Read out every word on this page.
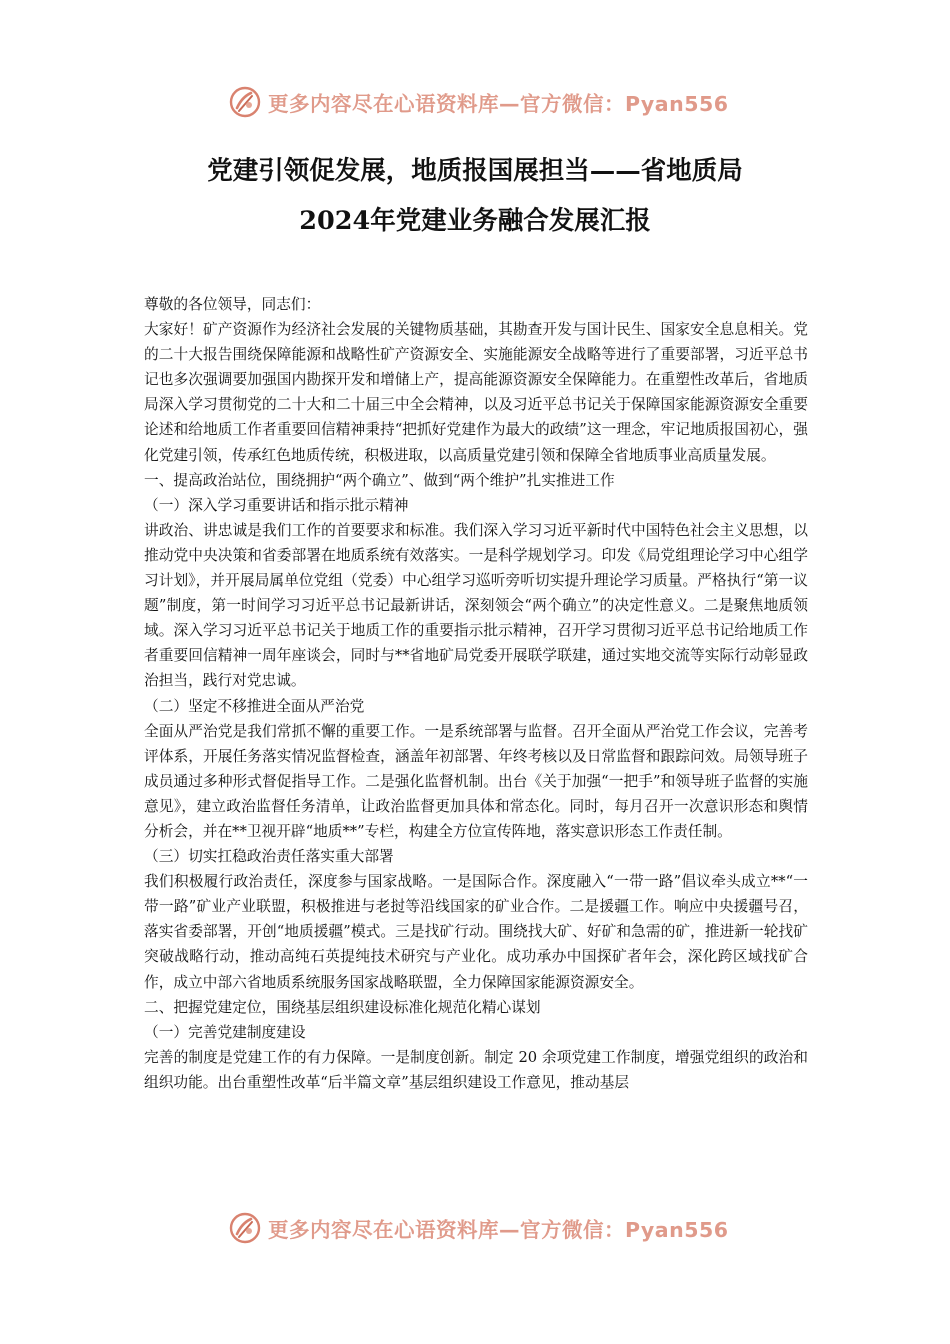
更多内容尽在心语资料库—官方微信：Pyan556
党建引领促发展，地质报国展担当——省地质局
2024年党建业务融合发展汇报

尊敬的各位领导，同志们：

大家好！矿产资源作为经济社会发展的关键物质基础，其勘查开发与国计民生、国家安全息息相关。党的二十大报告围绕保障能源和战略性矿产资源安全、实施能源安全战略等进行了重要部署，习近平总书记也多次强调要加强国内勘探开发和增储上产，提高能源资源安全保障能力。在重塑性改革后，省地质局深入学习贯彻党的二十大和二十届三中全会精神，以及习近平总书记关于保障国家能源资源安全重要论述和给地质工作者重要回信精神秉持“把抓好党建作为最大的政绩”这一理念，牢记地质报国初心，强化党建引领，传承红色地质传统，积极进取，以高质量党建引领和保障全省地质事业高质量发展。

一、提高政治站位，围绕拥护“两个确立”、做到“两个维护”扎实推进工作

（一）深入学习重要讲话和指示批示精神

讲政治、讲忠诚是我们工作的首要要求和标准。我们深入学习习近平新时代中国特色社会主义思想，以推动党中央决策和省委部署在地质系统有效落实。一是科学规划学习。印发《局党组理论学习中心组学习计划》，并开展局属单位党组（党委）中心组学习巡听旁听切实提升理论学习质量。严格执行“第一议题”制度，第一时间学习习近平总书记最新讲话，深刻领会“两个确立”的决定性意义。二是聚焦地质领域。深入学习习近平总书记关于地质工作的重要指示批示精神，召开学习贯彻习近平总书记给地质工作者重要回信精神一周年座谈会，同时与**省地矿局党委开展联学联建，通过实地交流等实际行动彰显政治担当，践行对党忠诚。

（二）坚定不移推进全面从严治党

全面从严治党是我们常抓不懈的重要工作。一是系统部署与监督。召开全面从严治党工作会议，完善考评体系，开展任务落实情况监督检查，涵盖年初部署、年终考核以及日常监督和跟踪问效。局领导班子成员通过多种形式督促指导工作。二是强化监督机制。出台《关于加强“一把手”和领导班子监督的实施意见》，建立政治监督任务清单，让政治监督更加具体和常态化。同时，每月召开一次意识形态和舆情分析会，并在**卫视开辟“地质**”专栏，构建全方位宣传阵地，落实意识形态工作责任制。

（三）切实扛稳政治责任落实重大部署

我们积极履行政治责任，深度参与国家战略。一是国际合作。深度融入“一带一路”倡议牵头成立**“一带一路”矿业产业联盟，积极推进与老挝等沿线国家的矿业合作。二是援疆工作。响应中央援疆号召，落实省委部署，开创“地质援疆”模式。三是找矿行动。围绕找大矿、好矿和急需的矿，推进新一轮找矿突破战略行动，推动高纯石英提纯技术研究与产业化。成功承办中国探矿者年会，深化跨区域找矿合作，成立中部六省地质系统服务国家战略联盟，全力保障国家能源资源安全。

二、把握党建定位，围绕基层组织建设标准化规范化精心谋划

（一）完善党建制度建设

完善的制度是党建工作的有力保障。一是制度创新。制定 20 余项党建工作制度，增强党组织的政治和组织功能。出台重塑性改革“后半篇文章”基层组织建设工作意见，推动基层

更多内容尽在心语资料库—官方微信：Pyan556
